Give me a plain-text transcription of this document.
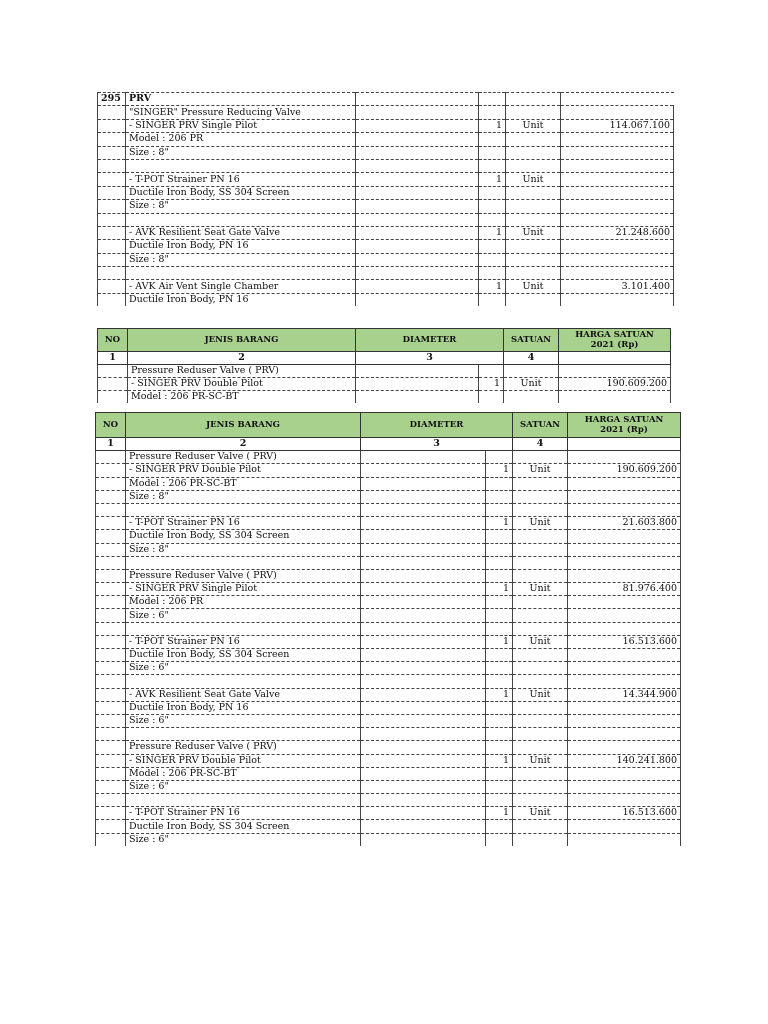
295	PRV				
	"SINGER" Pressure Reducing Valve				
	- SINGER PRV Single Pilot		1	Unit	114.067.100
	Model : 206 PR				
	Size : 8"				

	- T-POT Strainer PN 16		1	Unit	
	Ductile Iron Body, SS 304 Screen				
	Size : 8"				

	- AVK Resilient Seat Gate Valve		1	Unit	21.248.600
	Ductile Iron Body, PN 16				
	Size : 8"				

	- AVK Air Vent Single Chamber		1	Unit	3.101.400
	Ductile Iron Body, PN 16				
NO	JENIS BARANG	DIAMETER		SATUAN	HARGA SATUAN
2021 (Rp)

1	2	3		4	
	Pressure Reduser Valve ( PRV)				
	- SINGER PRV Double Pilot		1	Unit	190.609.200
	Model : 206 PR-SC-BT				
NO	JENIS BARANG	DIAMETER		SATUAN	HARGA SATUAN
2021 (Rp)

1	2	3		4	
	Pressure Reduser Valve ( PRV)				
	- SINGER PRV Double Pilot		1	Unit	190.609.200
	Model : 206 PR-SC-BT				
	Size : 8"				

	- T-POT Strainer PN 16		1	Unit	21.603.800
	Ductile Iron Body, SS 304 Screen				
	Size : 8"				

	Pressure Reduser Valve ( PRV)				
	- SINGER PRV Single Pilot		1	Unit	81.976.400
	Model : 206 PR				
	Size : 6"				

	- T-POT Strainer PN 16		1	Unit	16.513.600
	Ductile Iron Body, SS 304 Screen				
	Size : 6"				

	- AVK Resilient Seat Gate Valve		1	Unit	14.344.900
	Ductile Iron Body, PN 16				
	Size : 6"				

	Pressure Reduser Valve ( PRV)				
	- SINGER PRV Double Pilot		1	Unit	140.241.800
	Model : 206 PR-SC-BT				
	Size : 6"				

	- T-POT Strainer PN 16		1	Unit	16.513.600
	Ductile Iron Body, SS 304 Screen				
	Size : 6"				
